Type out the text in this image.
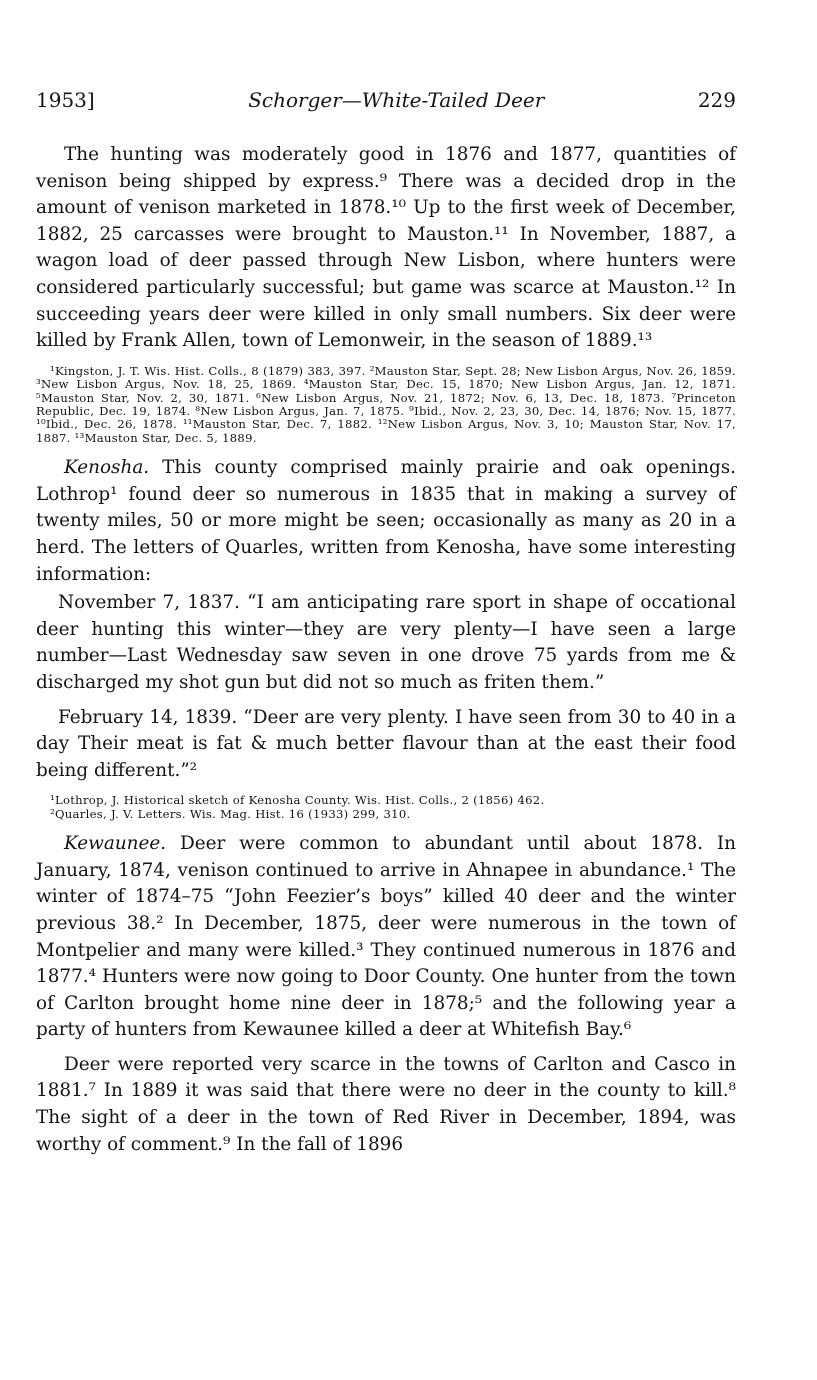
1953]	Schorger—White-Tailed Deer	229

The hunting was moderately good in 1876 and 1877, quantities of venison being shipped by express.⁹ There was a decided drop in the amount of venison marketed in 1878.¹⁰ Up to the first week of December, 1882, 25 carcasses were brought to Mauston.¹¹ In November, 1887, a wagon load of deer passed through New Lisbon, where hunters were considered particularly successful; but game was scarce at Mauston.¹² In succeeding years deer were killed in only small numbers. Six deer were killed by Frank Allen, town of Lemonweir, in the season of 1889.¹³

¹Kingston, J. T. Wis. Hist. Colls., 8 (1879) 383, 397. ²Mauston Star, Sept. 28; New Lisbon Argus, Nov. 26, 1859. ³New Lisbon Argus, Nov. 18, 25, 1869. ⁴Mauston Star, Dec. 15, 1870; New Lisbon Argus, Jan. 12, 1871. ⁵Mauston Star, Nov. 2, 30, 1871. ⁶New Lisbon Argus, Nov. 21, 1872; Nov. 6, 13, Dec. 18, 1873. ⁷Princeton Republic, Dec. 19, 1874. ⁸New Lisbon Argus, Jan. 7, 1875. ⁹Ibid., Nov. 2, 23, 30, Dec. 14, 1876; Nov. 15, 1877. ¹⁰Ibid., Dec. 26, 1878. ¹¹Mauston Star, Dec. 7, 1882. ¹²New Lisbon Argus, Nov. 3, 10; Mauston Star, Nov. 17, 1887. ¹³Mauston Star, Dec. 5, 1889.

Kenosha. This county comprised mainly prairie and oak openings. Lothrop¹ found deer so numerous in 1835 that in making a survey of twenty miles, 50 or more might be seen; occasionally as many as 20 in a herd. The letters of Quarles, written from Kenosha, have some interesting information:

November 7, 1837. “I am anticipating rare sport in shape of occational deer hunting this winter—they are very plenty—I have seen a large number—Last Wednesday saw seven in one drove 75 yards from me & discharged my shot gun but did not so much as friten them.”

February 14, 1839. “Deer are very plenty. I have seen from 30 to 40 in a day Their meat is fat & much better flavour than at the east their food being different.”²

¹Lothrop, J. Historical sketch of Kenosha County. Wis. Hist. Colls., 2 (1856) 462.

²Quarles, J. V. Letters. Wis. Mag. Hist. 16 (1933) 299, 310.

Kewaunee. Deer were common to abundant until about 1878. In January, 1874, venison continued to arrive in Ahnapee in abundance.¹ The winter of 1874–75 “John Feezier’s boys” killed 40 deer and the winter previous 38.² In December, 1875, deer were numerous in the town of Montpelier and many were killed.³ They continued numerous in 1876 and 1877.⁴ Hunters were now going to Door County. One hunter from the town of Carlton brought home nine deer in 1878;⁵ and the following year a party of hunters from Kewaunee killed a deer at Whitefish Bay.⁶

Deer were reported very scarce in the towns of Carlton and Casco in 1881.⁷ In 1889 it was said that there were no deer in the county to kill.⁸ The sight of a deer in the town of Red River in December, 1894, was worthy of comment.⁹ In the fall of 1896
